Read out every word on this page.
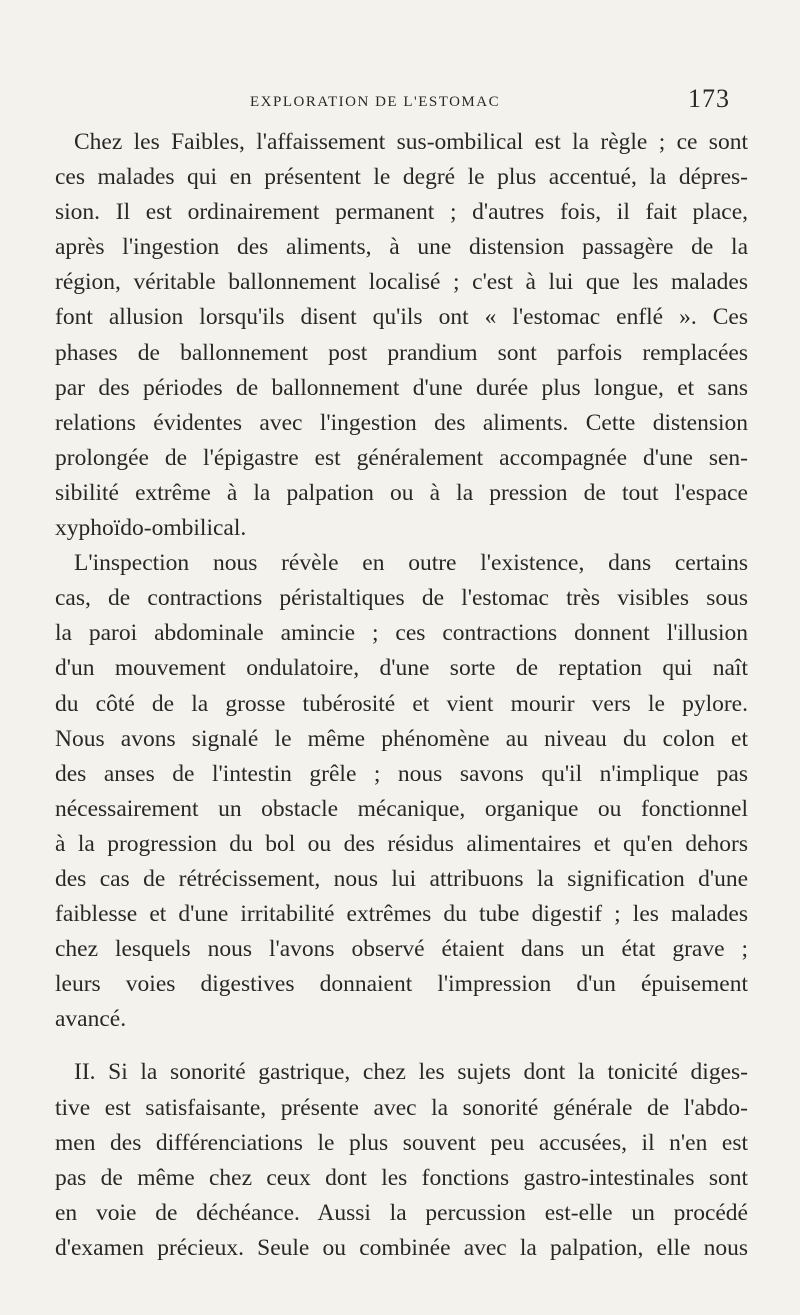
EXPLORATION DE L'ESTOMAC	173
Chez les Faibles, l'affaissement sus-ombilical est la règle ; ce sont
ces malades qui en présentent le degré le plus accentué, la dépres-
sion. Il est ordinairement permanent ; d'autres fois, il fait place,
après l'ingestion des aliments, à une distension passagère de la
région, véritable ballonnement localisé ; c'est à lui que les malades
font allusion lorsqu'ils disent qu'ils ont « l'estomac enflé ». Ces
phases de ballonnement post prandium sont parfois remplacées
par des périodes de ballonnement d'une durée plus longue, et sans
relations évidentes avec l'ingestion des aliments. Cette distension
prolongée de l'épigastre est généralement accompagnée d'une sen-
sibilité extrême à la palpation ou à la pression de tout l'espace
xyphoïdo-ombilical.
L'inspection nous révèle en outre l'existence, dans certains
cas, de contractions péristaltiques de l'estomac très visibles sous
la paroi abdominale amincie ; ces contractions donnent l'illusion
d'un mouvement ondulatoire, d'une sorte de reptation qui naît
du côté de la grosse tubérosité et vient mourir vers le pylore.
Nous avons signalé le même phénomène au niveau du colon et
des anses de l'intestin grêle ; nous savons qu'il n'implique pas
nécessairement un obstacle mécanique, organique ou fonctionnel
à la progression du bol ou des résidus alimentaires et qu'en dehors
des cas de rétrécissement, nous lui attribuons la signification d'une
faiblesse et d'une irritabilité extrêmes du tube digestif ; les malades
chez lesquels nous l'avons observé étaient dans un état grave ;
leurs voies digestives donnaient l'impression d'un épuisement
avancé.
II. Si la sonorité gastrique, chez les sujets dont la tonicité diges-
tive est satisfaisante, présente avec la sonorité générale de l'abdo-
men des différenciations le plus souvent peu accusées, il n'en est
pas de même chez ceux dont les fonctions gastro-intestinales sont
en voie de déchéance. Aussi la percussion est-elle un procédé
d'examen précieux. Seule ou combinée avec la palpation, elle nous
